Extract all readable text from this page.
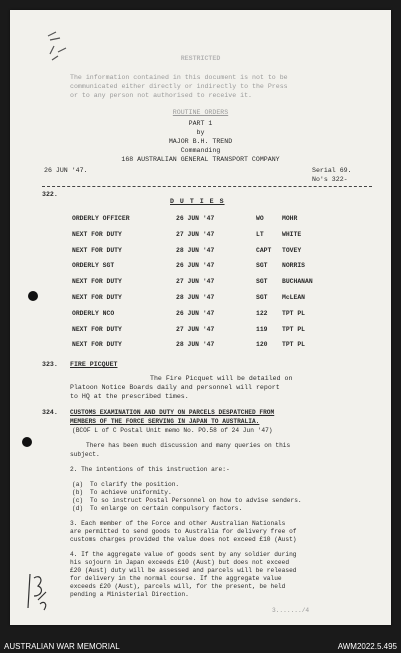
RESTRICTED
The information contained in this document is not to be
communicated either directly or indirectly to the Press
or to any person not authorised to receive it.
ROUTINE ORDERS
PART 1
by
MAJOR B.H. TREND
Commanding
168 AUSTRALIAN GENERAL TRANSPORT COMPANY
26 JUN '47.	Serial 69.
No's 322-
322.
D U T I E S
ORDERLY OFFICER	26 JUN '47	WO	MOHR
NEXT FOR DUTY	27 JUN '47	LT	WHITE
NEXT FOR DUTY	28 JUN '47	CAPT TOVEY
ORDERLY SGT	26 JUN '47	SGT NORRIS
NEXT FOR DUTY	27 JUN '47	SGT BUCHANAN
NEXT FOR DUTY	28 JUN '47	SGT McLEAN
ORDERLY NCO	26 JUN '47	122 TPT PL
NEXT FOR DUTY	27 JUN '47	119 TPT PL
NEXT FOR DUTY	28 JUN '47	120 TPT PL
323. FIRE PICQUET
The Fire Picquet will be detailed on
Platoon Notice Boards daily and personnel will report
to HQ at the prescribed times.
324. CUSTOMS EXAMINATION AND DUTY ON PARCELS DESPATCHED FROM
MEMBERS OF THE FORCE SERVING IN JAPAN TO AUSTRALIA.
(BCOF L of C Postal Unit memo No. PO.58 of 24 Jun '47)
There has been much discussion and many queries on this
subject.
2. The intentions of this instruction are:-
(a) To clarify the position.
(b) To achieve uniformity.
(c) To so instruct Postal Personnel on how to advise senders.
(d) To enlarge on certain compulsory factors.
3. Each member of the Force and other Australian Nationals
are permitted to send goods to Australia for delivery free of
customs charges provided the value does not exceed £10 (Aust)
4. If the aggregate value of goods sent by any soldier during
his sojourn in Japan exceeds £10 (Aust) but does not exceed
£20 (Aust) duty will be assessed and parcels will be released
for delivery in the normal course. If the aggregate value
exceeds £20 (Aust), parcels will, for the present, be held
pending a Ministerial Direction.
3......./4
AUSTRALIAN WAR MEMORIAL	AWM2022.5.495
